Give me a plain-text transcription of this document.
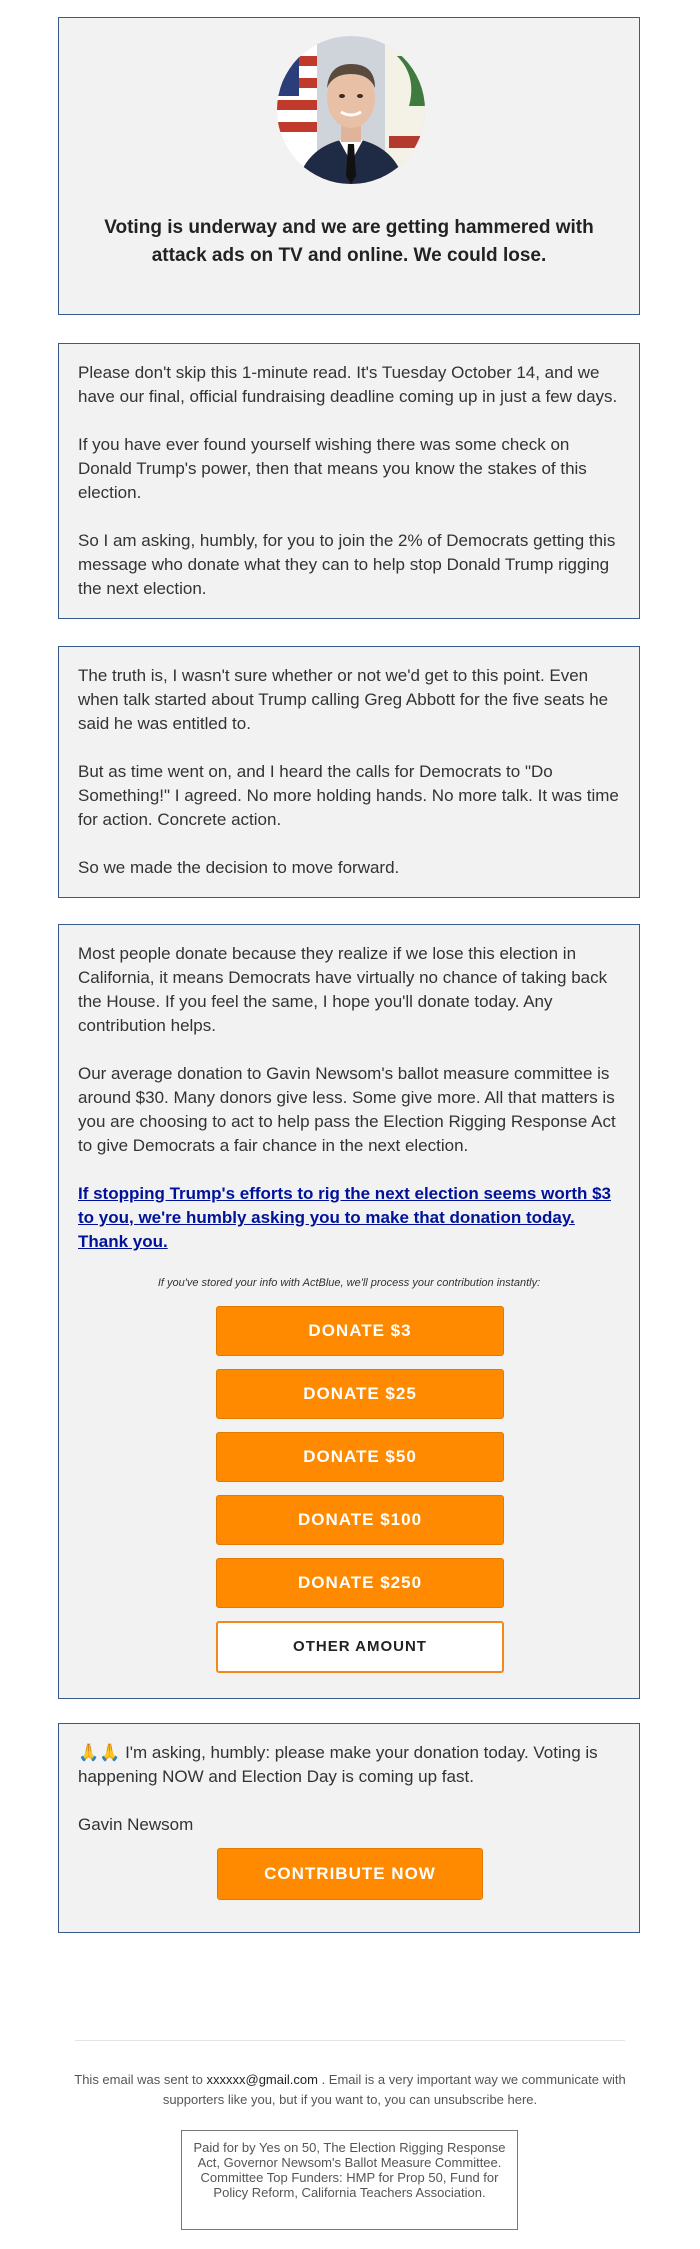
Voting is underway and we are getting hammered with attack ads on TV and online. We could lose.

Please don't skip this 1-minute read. It's Tuesday October 14, and we have our final, official fundraising deadline coming up in just a few days.

If you have ever found yourself wishing there was some check on Donald Trump's power, then that means you know the stakes of this election.

So I am asking, humbly, for you to join the 2% of Democrats getting this message who donate what they can to help stop Donald Trump rigging the next election.

The truth is, I wasn't sure whether or not we'd get to this point. Even when talk started about Trump calling Greg Abbott for the five seats he said he was entitled to.

But as time went on, and I heard the calls for Democrats to "Do Something!" I agreed. No more holding hands. No more talk. It was time for action. Concrete action.

So we made the decision to move forward.

Most people donate because they realize if we lose this election in California, it means Democrats have virtually no chance of taking back the House. If you feel the same, I hope you'll donate today. Any contribution helps.

Our average donation to Gavin Newsom's ballot measure committee is around $30. Many donors give less. Some give more. All that matters is you are choosing to act to help pass the Election Rigging Response Act to give Democrats a fair chance in the next election.

If stopping Trump's efforts to rig the next election seems worth $3 to you, we're humbly asking you to make that donation today. Thank you.

If you've stored your info with ActBlue, we'll process your contribution instantly:
DONATE $3
DONATE $25
DONATE $50
DONATE $100
DONATE $250
OTHER AMOUNT

🙏🙏 I'm asking, humbly: please make your donation today. Voting is happening NOW and Election Day is coming up fast.

Gavin Newsom

CONTRIBUTE NOW
This email was sent to xxxxxx@gmail.com . Email is a very important way we communicate with supporters like you, but if you want to, you can unsubscribe here.
Paid for by Yes on 50, The Election Rigging Response Act, Governor Newsom's Ballot Measure Committee. Committee Top Funders: HMP for Prop 50, Fund for Policy Reform, California Teachers Association.
